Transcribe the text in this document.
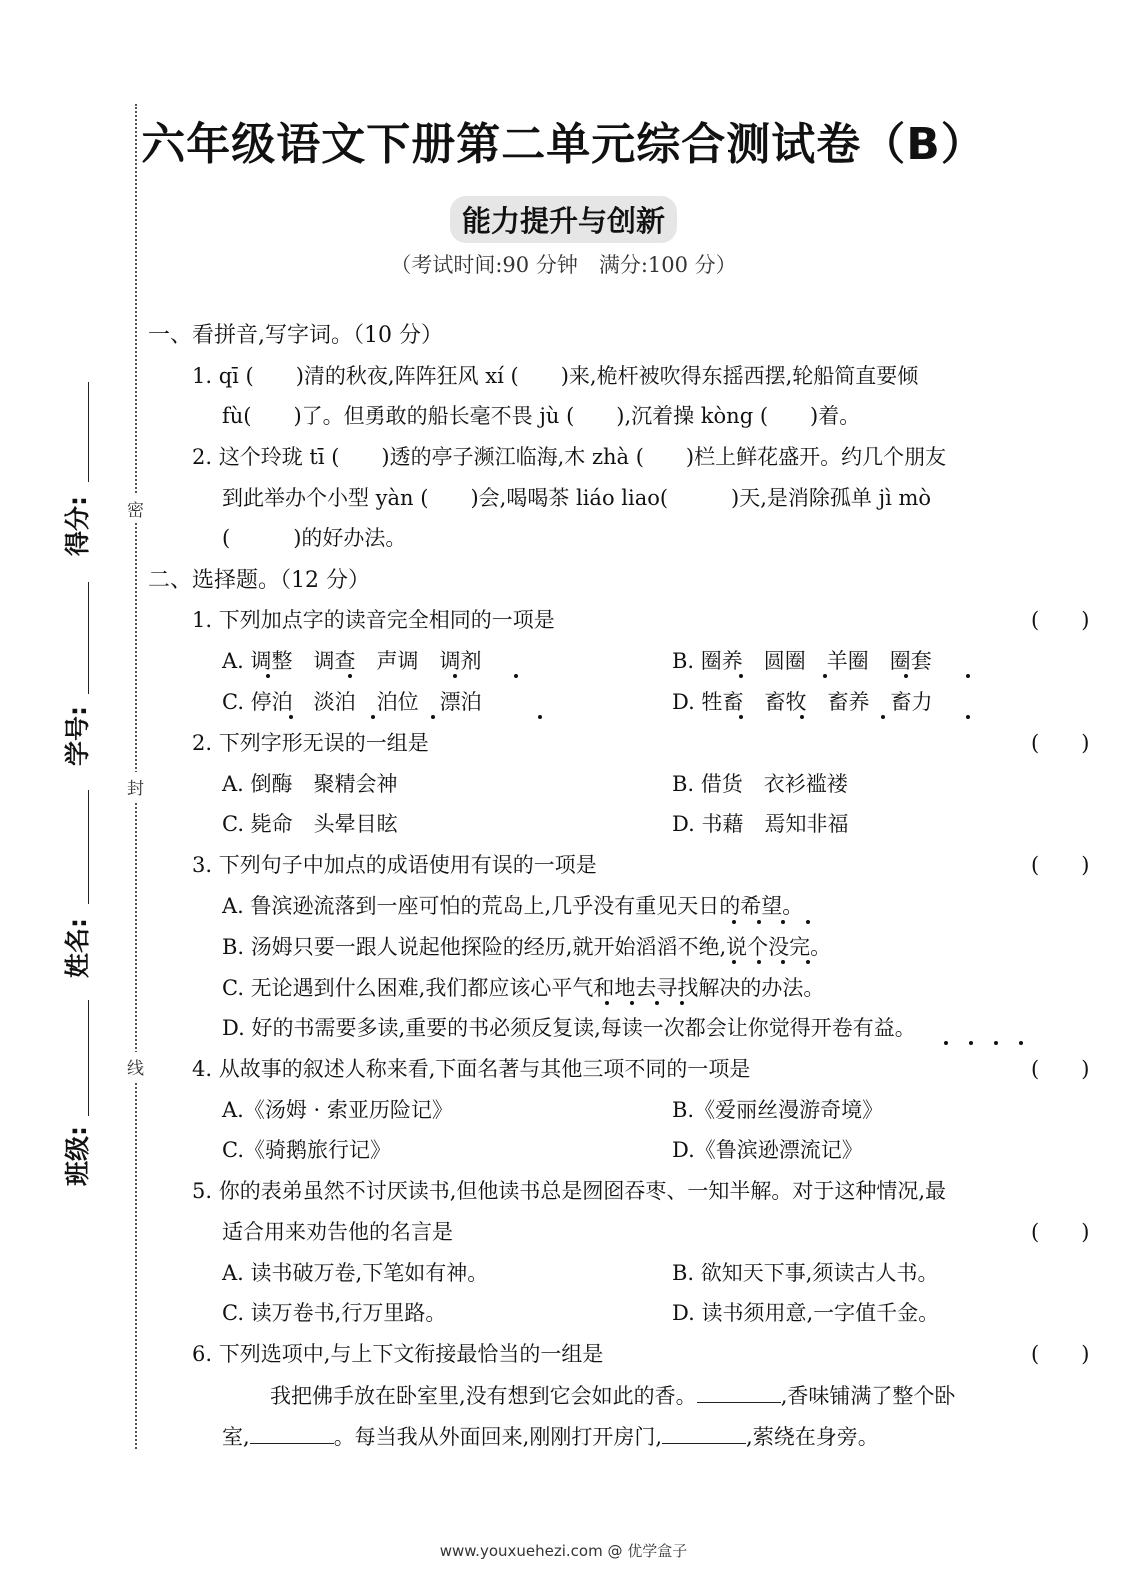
密
封
线
班级:
姓名:
学号:
得分:
六年级语文下册第二单元综合测试卷（B）
能力提升与创新
（考试时间:90 分钟　满分:100 分）
一、看拼音,写字词。（10 分）
1. qī (　　)清的秋夜,阵阵狂风 xí (　　)来,桅杆被吹得东摇西摆,轮船简直要倾
fù(　　)了。但勇敢的船长毫不畏 jù (　　),沉着操 kòng (　　)着。
2. 这个玲珑 tī (　　)透的亭子濒江临海,木 zhà (　　)栏上鲜花盛开。约几个朋友
到此举办个小型 yàn (　　)会,喝喝茶 liáo liao(　　　)天,是消除孤单 jì mò
(　　　)的好办法。
二、选择题。（12 分）
1. 下列加点字的读音完全相同的一项是	(　　)
A. 调整　调查　声调　调剂	B. 圈养　圆圈　羊圈　圈套
C. 停泊　淡泊　泊位　漂泊	D. 牲畜　畜牧　畜养　畜力
2. 下列字形无误的一组是	(　　)
A. 倒酶　聚精会神	B. 借货　衣衫褴褛
C. 毙命　头晕目眩	D. 书藉　焉知非福
3. 下列句子中加点的成语使用有误的一项是	(　　)
A. 鲁滨逊流落到一座可怕的荒岛上,几乎没有重见天日的希望。
B. 汤姆只要一跟人说起他探险的经历,就开始滔滔不绝,说个没完。
C. 无论遇到什么困难,我们都应该心平气和地去寻找解决的办法。
D. 好的书需要多读,重要的书必须反复读,每读一次都会让你觉得开卷有益。
4. 从故事的叙述人称来看,下面名著与其他三项不同的一项是	(　　)
A.《汤姆 · 索亚历险记》	B.《爱丽丝漫游奇境》
C.《骑鹅旅行记》	D.《鲁滨逊漂流记》
5. 你的表弟虽然不讨厌读书,但他读书总是囫囵吞枣、一知半解。对于这种情况,最
适合用来劝告他的名言是	(　　)
A. 读书破万卷,下笔如有神。	B. 欲知天下事,须读古人书。
C. 读万卷书,行万里路。	D. 读书须用意,一字值千金。
6. 下列选项中,与上下文衔接最恰当的一组是	(　　)
我把佛手放在卧室里,没有想到它会如此的香。	,香味铺满了整个卧
室,	。每当我从外面回来,刚刚打开房门,	,萦绕在身旁。
www.youxuehezi.com @ 优学盒子
